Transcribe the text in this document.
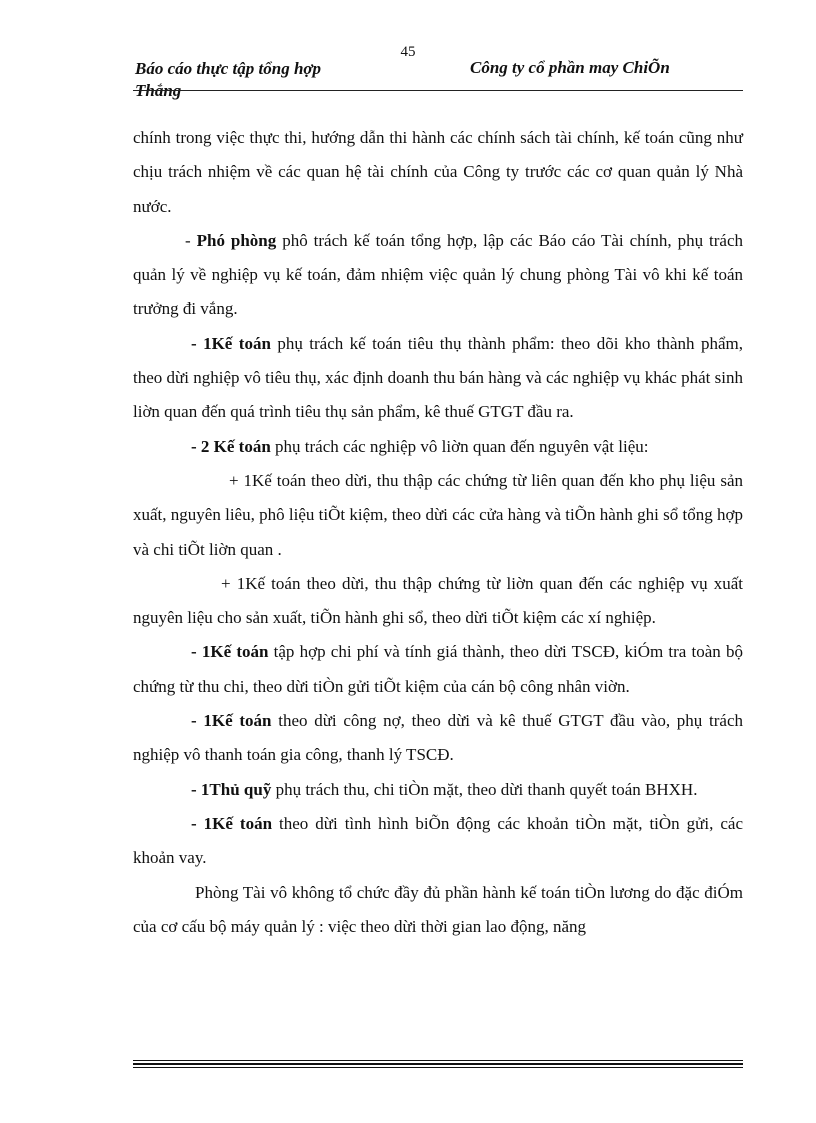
45
Báo cáo thực tập tổng hợp
Thắng
Công ty cổ phần may ChiÕn

chính trong việc thực thi, hướng dẫn thi hành các chính sách tài chính, kế toán cũng như chịu trách nhiệm về các quan hệ tài chính của Công ty trước các cơ quan quản lý Nhà nước.

- Phó phòng phô trách kế toán tổng hợp, lập các Báo cáo Tài chính, phụ trách quản lý về nghiệp vụ kế toán, đảm nhiệm việc quản lý chung phòng Tài vô khi kế toán trưởng đi vắng.

- 1Kế toán phụ trách kế toán tiêu thụ thành phẩm: theo dõi kho thành phẩm, theo dừi nghiệp vô tiêu thụ, xác định doanh thu bán hàng và các nghiệp vụ khác phát sinh liờn quan đến quá trình tiêu thụ sản phẩm, kê thuế GTGT đầu ra.

- 2 Kế toán phụ trách các nghiệp vô liờn quan đến nguyên vật liệu:

+ 1Kế toán theo dừi, thu thập các chứng từ liên quan đến kho phụ liệu sản xuất, nguyên liêu, phô liệu tiÕt kiệm, theo dừi các cửa hàng và tiÕn hành ghi sổ tổng hợp và chi tiÕt liờn quan .

+ 1Kế toán theo dừi, thu thập chứng từ liờn quan đến các nghiệp vụ xuất nguyên liệu cho sản xuất, tiÕn hành ghi sổ, theo dừi tiÕt kiệm các xí nghiệp.

- 1Kế toán tập hợp chi phí và tính giá thành, theo dừi TSCĐ, kiÓm tra toàn bộ chứng từ thu chi, theo dừi tiÒn gửi tiÕt kiệm của cán bộ công nhân viờn.

- 1Kế toán theo dừi công nợ, theo dừi và kê thuế GTGT đầu vào, phụ trách nghiệp vô thanh toán gia công, thanh lý TSCĐ.

- 1Thủ quỹ phụ trách thu, chi tiÒn mặt, theo dừi thanh quyết toán BHXH.

- 1Kế toán theo dừi tình hình biÕn động các khoản tiÒn mặt, tiÒn gửi, các khoản vay.

Phòng Tài vô không tổ chức đầy đủ phần hành kế toán tiÒn lương do đặc điÓm của cơ cấu bộ máy quản lý : việc theo dừi thời gian lao động, năng
